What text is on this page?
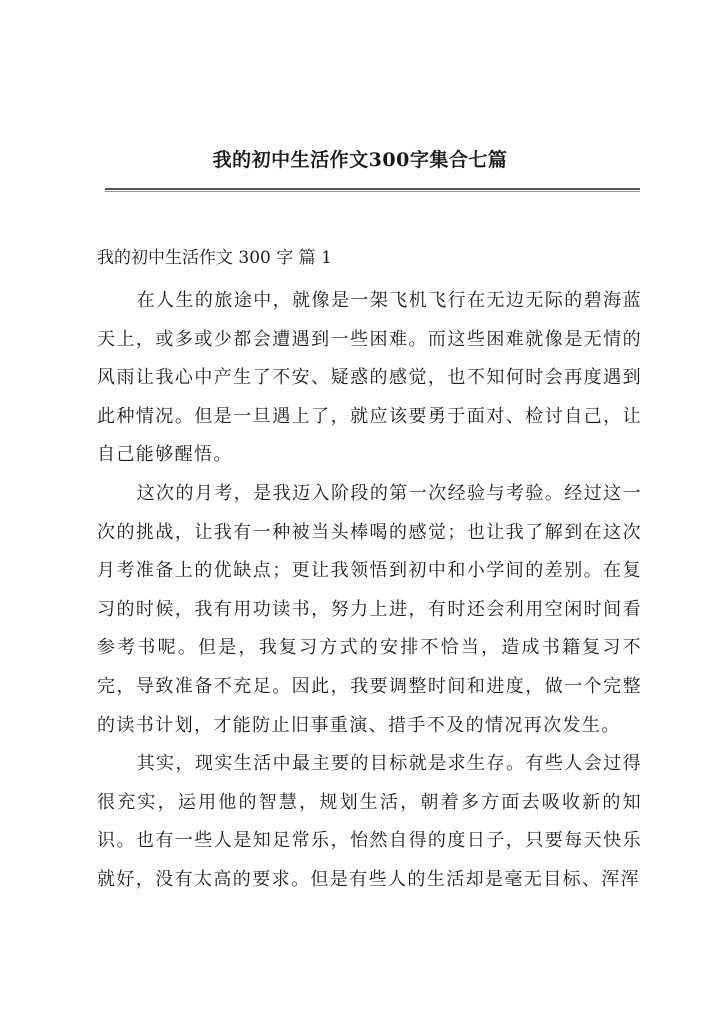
我的初中生活作文300字集合七篇
我的初中生活作文 300 字 篇 1

在人生的旅途中，就像是一架飞机飞行在无边无际的碧海蓝天上，或多或少都会遭遇到一些困难。而这些困难就像是无情的风雨让我心中产生了不安、疑惑的感觉，也不知何时会再度遇到此种情况。但是一旦遇上了，就应该要勇于面对、检讨自己，让自己能够醒悟。

这次的月考，是我迈入阶段的第一次经验与考验。经过这一次的挑战，让我有一种被当头棒喝的感觉；也让我了解到在这次月考准备上的优缺点；更让我领悟到初中和小学间的差别。在复习的时候，我有用功读书，努力上进，有时还会利用空闲时间看参考书呢。但是，我复习方式的安排不恰当，造成书籍复习不完，导致准备不充足。因此，我要调整时间和进度，做一个完整的读书计划，才能防止旧事重演、措手不及的情况再次发生。

其实，现实生活中最主要的目标就是求生存。有些人会过得很充实，运用他的智慧，规划生活，朝着多方面去吸收新的知识。也有一些人是知足常乐，怡然自得的度日子，只要每天快乐就好，没有太高的要求。但是有些人的生活却是毫无目标、浑浑
